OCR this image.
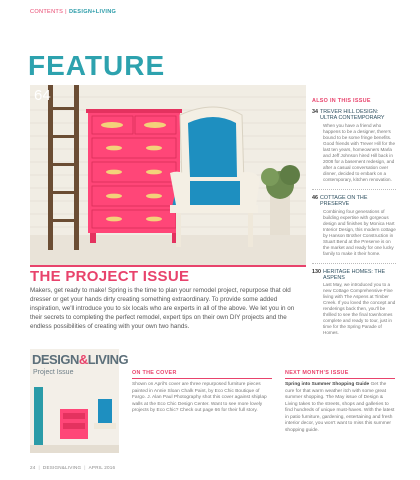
CONTENTS | DESIGN+LIVING
FEATURE
64
THE PROJECT ISSUE
Makers, get ready to make! Spring is the time to plan your remodel project, repurpose that old dresser or get your hands dirty creating something extraordinary. To provide some added inspiration, we'll introduce you to six locals who are experts in all of the above. We let you in on their secrets to completing the perfect remodel, expert tips on their own DIY projects and the endless possibilities of creating with your own two hands.
ALSO IN THIS ISSUE
34 TREVER HILL DESIGN: ULTRA CONTEMPORARY
When you have a friend who happens to be a designer, there's bound to be some fringe benefits. Good friends with Trever Hill for the last ten years, homeowners Marla and Jeff Johnson hired Hill back in 2008 for a basement redesign, and after a casual conversation over dinner, decided to embark on a contemporary, kitchen renovation.
46 COTTAGE ON THE PRESERVE
Combining four generations of building expertise with gorgeous design and finishes by Monica Hart Interior Design, this modern cottage by Hanson Brother Construction in Stuart Bend at the Preserve is on the market and ready for one lucky family to make it their home.
130 HERITAGE HOMES: THE ASPENS
Last May, we introduced you to a new Cottage Comprehensive-Fine living with The Aspens at Timber Creek. If you loved the concept and renderings back then, you'll be thrilled to see the final townhomes complete and ready to tour, just in time for the Spring Parade of Homes.
DESIGN&LIVING
Project Issue	ON THE COVER
Shown on April's cover are three repurposed furniture pieces painted in Annie Sloan Chalk Paint, by Eco Chic Boutique of Fargo. J. Alan Paul Photography shot this cover against shiplap walls at the Eco Chic Design Center. Want to see more lovely projects by Eco Chic? Check out page 66 for their full story.
NEXT MONTH'S ISSUE
Spring into Summer Shopping Guide Get the cure for that warm weather itch with some great summer shopping. The May issue of Design & Living takes to the streets, shops and galleries to find hundreds of unique must-haves. With the latest in patio furniture, gardening, entertaining and fresh interior decor, you won't want to miss this summer shopping guide.
24 | DESIGN&LIVING | APRIL 2016
